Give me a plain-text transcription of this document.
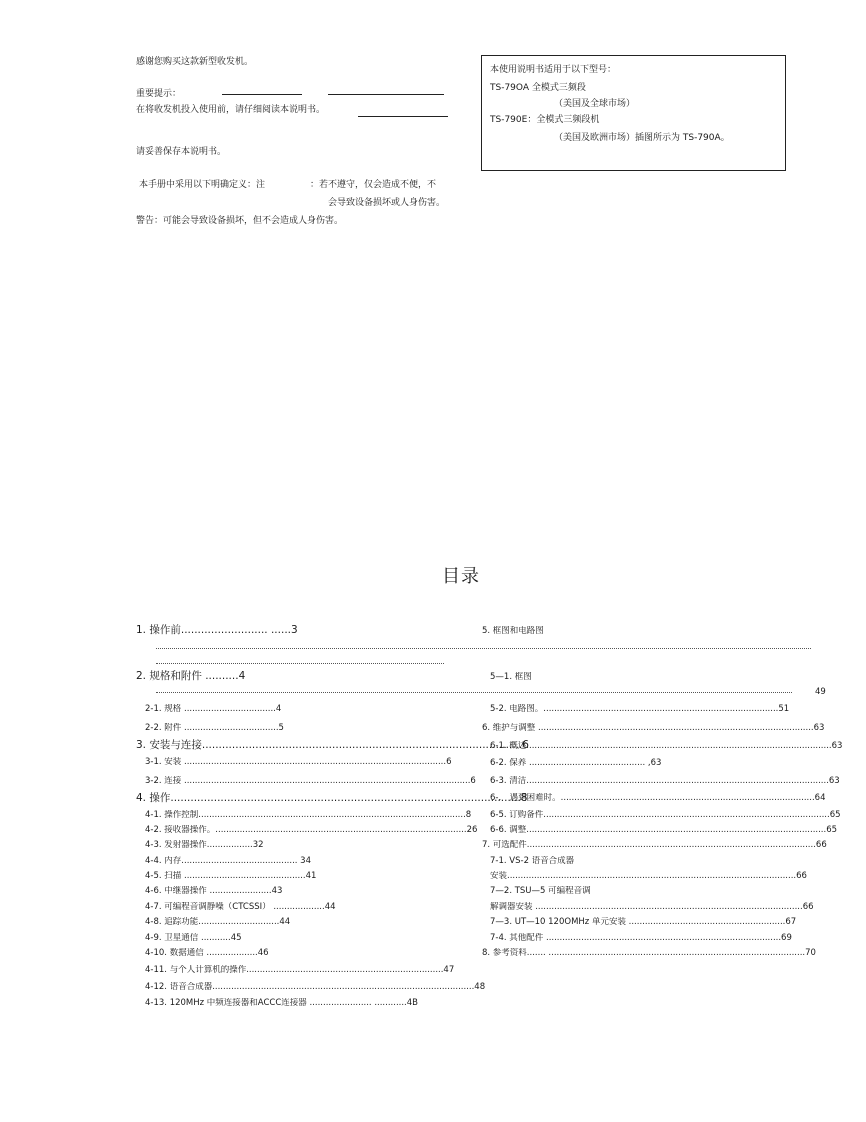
感谢您购买这款新型收发机。
重要提示：
在将收发机投入使用前，请仔细阅读本说明书。
请妥善保存本说明书。
本手册中采用以下明确定义：注	：若不遵守，仅会造成不便，不
会导致设备损坏或人身伤害。
警告：可能会导致设备损坏，但不会造成人身伤害。
本使用说明书适用于以下型号：
TS-79OA 全模式三频段
（美国及全球市场）
TS-790E：全模式三频段机
（美国及欧洲市场）插图所示为 TS-790A。
目录
49
1. 操作前.......................... ......3
2. 规格和附件 ..........4
2-1. 规格 ..................................4
2-2. 附件 ...................................5
3. 安装与连接................................................................................................6
3-1. 安装 .................................................................................................6
3-2. 连接 ..........................................................................................................6
4. 操作.........................................................................................................8
4-1. 操作控制...................................................................................................8
4-2. 接收器操作。.............................................................................................26
4-3. 发射器操作.................32
4-4. 内存........................................... 34
4-5. 扫描 .............................................41
4-6. 中继器操作 .......................43
4-7. 可编程音调静噪（CTCSSI） ...................44
4-8. 追踪功能..............................44
4-9. 卫星通信 ...........45
4-10. 数据通信 ...................46
4-11. 与个人计算机的操作.........................................................................47
4-12. 语音合成器.................................................................................................48
4-13. 120MHz 中频连接器和ACCC连接器 ....................... ............4B
5. 框图和电路图
5—1. 框图
5-2. 电路图。.......................................................................................51
6. 维护与调整 ......................................................................................................63
6-1. 概述.................................................................................................................63
6-2. 保养 ........................................... ,63
6-3. 清洁................................................................................................................63
6-． 遇到困难时。..............................................................................................64
6-5. 订购备件..........................................................................................................65
6-6. 调整...............................................................................................................65
7. 可选配件...........................................................................................................66
7-1. VS-2 语音合成器
安装...........................................................................................................66
7—2. TSU—5 可编程音调
解调器安装 ...................................................................................................66
7—3. UT—10 120OMHz 单元安装 ..........................................................67
7-4. 其他配件 .......................................................................................69
8. 参考资料....... ...............................................................................................70
